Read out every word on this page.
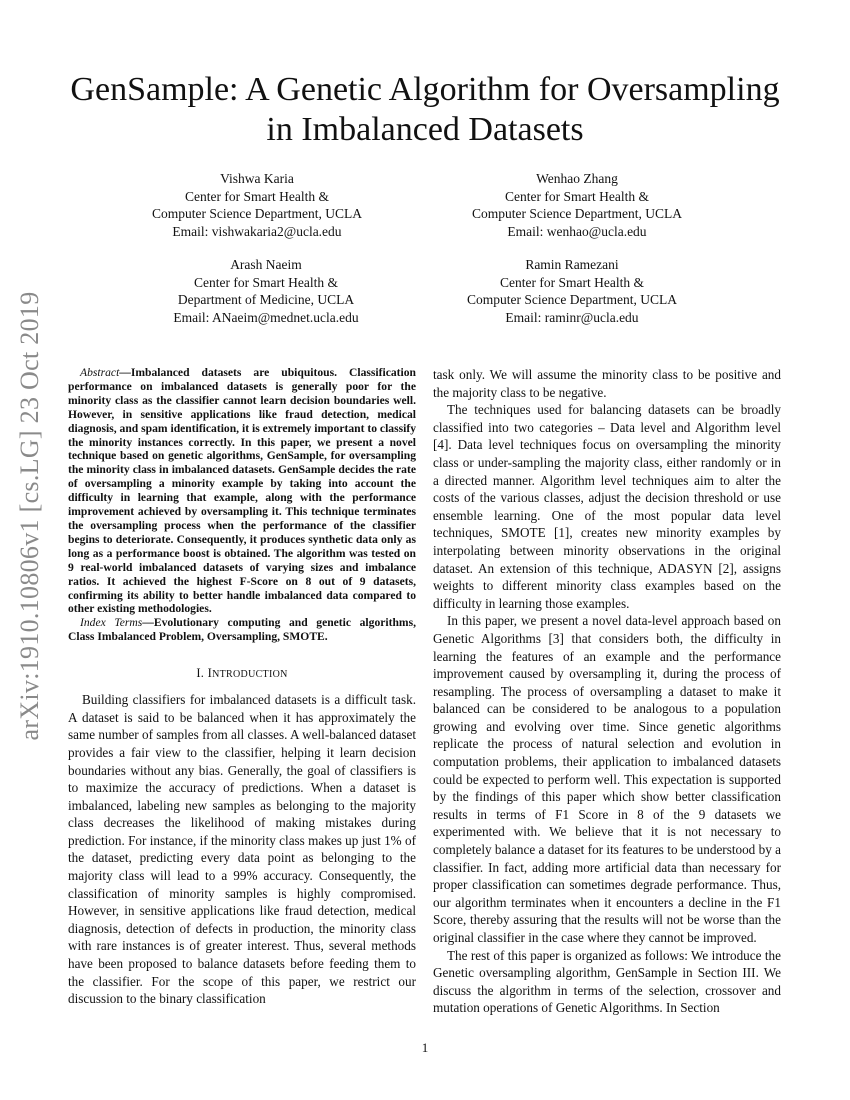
arXiv:1910.10806v1 [cs.LG] 23 Oct 2019
GenSample: A Genetic Algorithm for Oversampling in Imbalanced Datasets
Vishwa Karia
Center for Smart Health &
Computer Science Department, UCLA
Email: vishwakaria2@ucla.edu
Wenhao Zhang
Center for Smart Health &
Computer Science Department, UCLA
Email: wenhao@ucla.edu
Arash Naeim
Center for Smart Health &
Department of Medicine, UCLA
Email: ANaeim@mednet.ucla.edu
Ramin Ramezani
Center for Smart Health &
Computer Science Department, UCLA
Email: raminr@ucla.edu

Abstract—Imbalanced datasets are ubiquitous. Classification performance on imbalanced datasets is generally poor for the minority class as the classifier cannot learn decision boundaries well. However, in sensitive applications like fraud detection, medical diagnosis, and spam identification, it is extremely important to classify the minority instances correctly. In this paper, we present a novel technique based on genetic algorithms, GenSample, for oversampling the minority class in imbalanced datasets. GenSample decides the rate of oversampling a minority example by taking into account the difficulty in learning that example, along with the performance improvement achieved by oversampling it. This technique terminates the oversampling process when the performance of the classifier begins to deteriorate. Consequently, it produces synthetic data only as long as a performance boost is obtained. The algorithm was tested on 9 real-world imbalanced datasets of varying sizes and imbalance ratios. It achieved the highest F-Score on 8 out of 9 datasets, confirming its ability to better handle imbalanced data compared to other existing methodologies.

Index Terms—Evolutionary computing and genetic algorithms, Class Imbalanced Problem, Oversampling, SMOTE.

I. INTRODUCTION

Building classifiers for imbalanced datasets is a difficult task. A dataset is said to be balanced when it has approximately the same number of samples from all classes. A well-balanced dataset provides a fair view to the classifier, helping it learn decision boundaries without any bias. Generally, the goal of classifiers is to maximize the accuracy of predictions. When a dataset is imbalanced, labeling new samples as belonging to the majority class decreases the likelihood of making mistakes during prediction. For instance, if the minority class makes up just 1% of the dataset, predicting every data point as belonging to the majority class will lead to a 99% accuracy. Consequently, the classification of minority samples is highly compromised. However, in sensitive applications like fraud detection, medical diagnosis, detection of defects in production, the minority class with rare instances is of greater interest. Thus, several methods have been proposed to balance datasets before feeding them to the classifier. For the scope of this paper, we restrict our discussion to the binary classification

task only. We will assume the minority class to be positive and the majority class to be negative.

The techniques used for balancing datasets can be broadly classified into two categories – Data level and Algorithm level [4]. Data level techniques focus on oversampling the minority class or under-sampling the majority class, either randomly or in a directed manner. Algorithm level techniques aim to alter the costs of the various classes, adjust the decision threshold or use ensemble learning. One of the most popular data level techniques, SMOTE [1], creates new minority examples by interpolating between minority observations in the original dataset. An extension of this technique, ADASYN [2], assigns weights to different minority class examples based on the difficulty in learning those examples.

In this paper, we present a novel data-level approach based on Genetic Algorithms [3] that considers both, the difficulty in learning the features of an example and the performance improvement caused by oversampling it, during the process of resampling. The process of oversampling a dataset to make it balanced can be considered to be analogous to a population growing and evolving over time. Since genetic algorithms replicate the process of natural selection and evolution in computation problems, their application to imbalanced datasets could be expected to perform well. This expectation is supported by the findings of this paper which show better classification results in terms of F1 Score in 8 of the 9 datasets we experimented with. We believe that it is not necessary to completely balance a dataset for its features to be understood by a classifier. In fact, adding more artificial data than necessary for proper classification can sometimes degrade performance. Thus, our algorithm terminates when it encounters a decline in the F1 Score, thereby assuring that the results will not be worse than the original classifier in the case where they cannot be improved.

The rest of this paper is organized as follows: We introduce the Genetic oversampling algorithm, GenSample in Section III. We discuss the algorithm in terms of the selection, crossover and mutation operations of Genetic Algorithms. In Section

1
